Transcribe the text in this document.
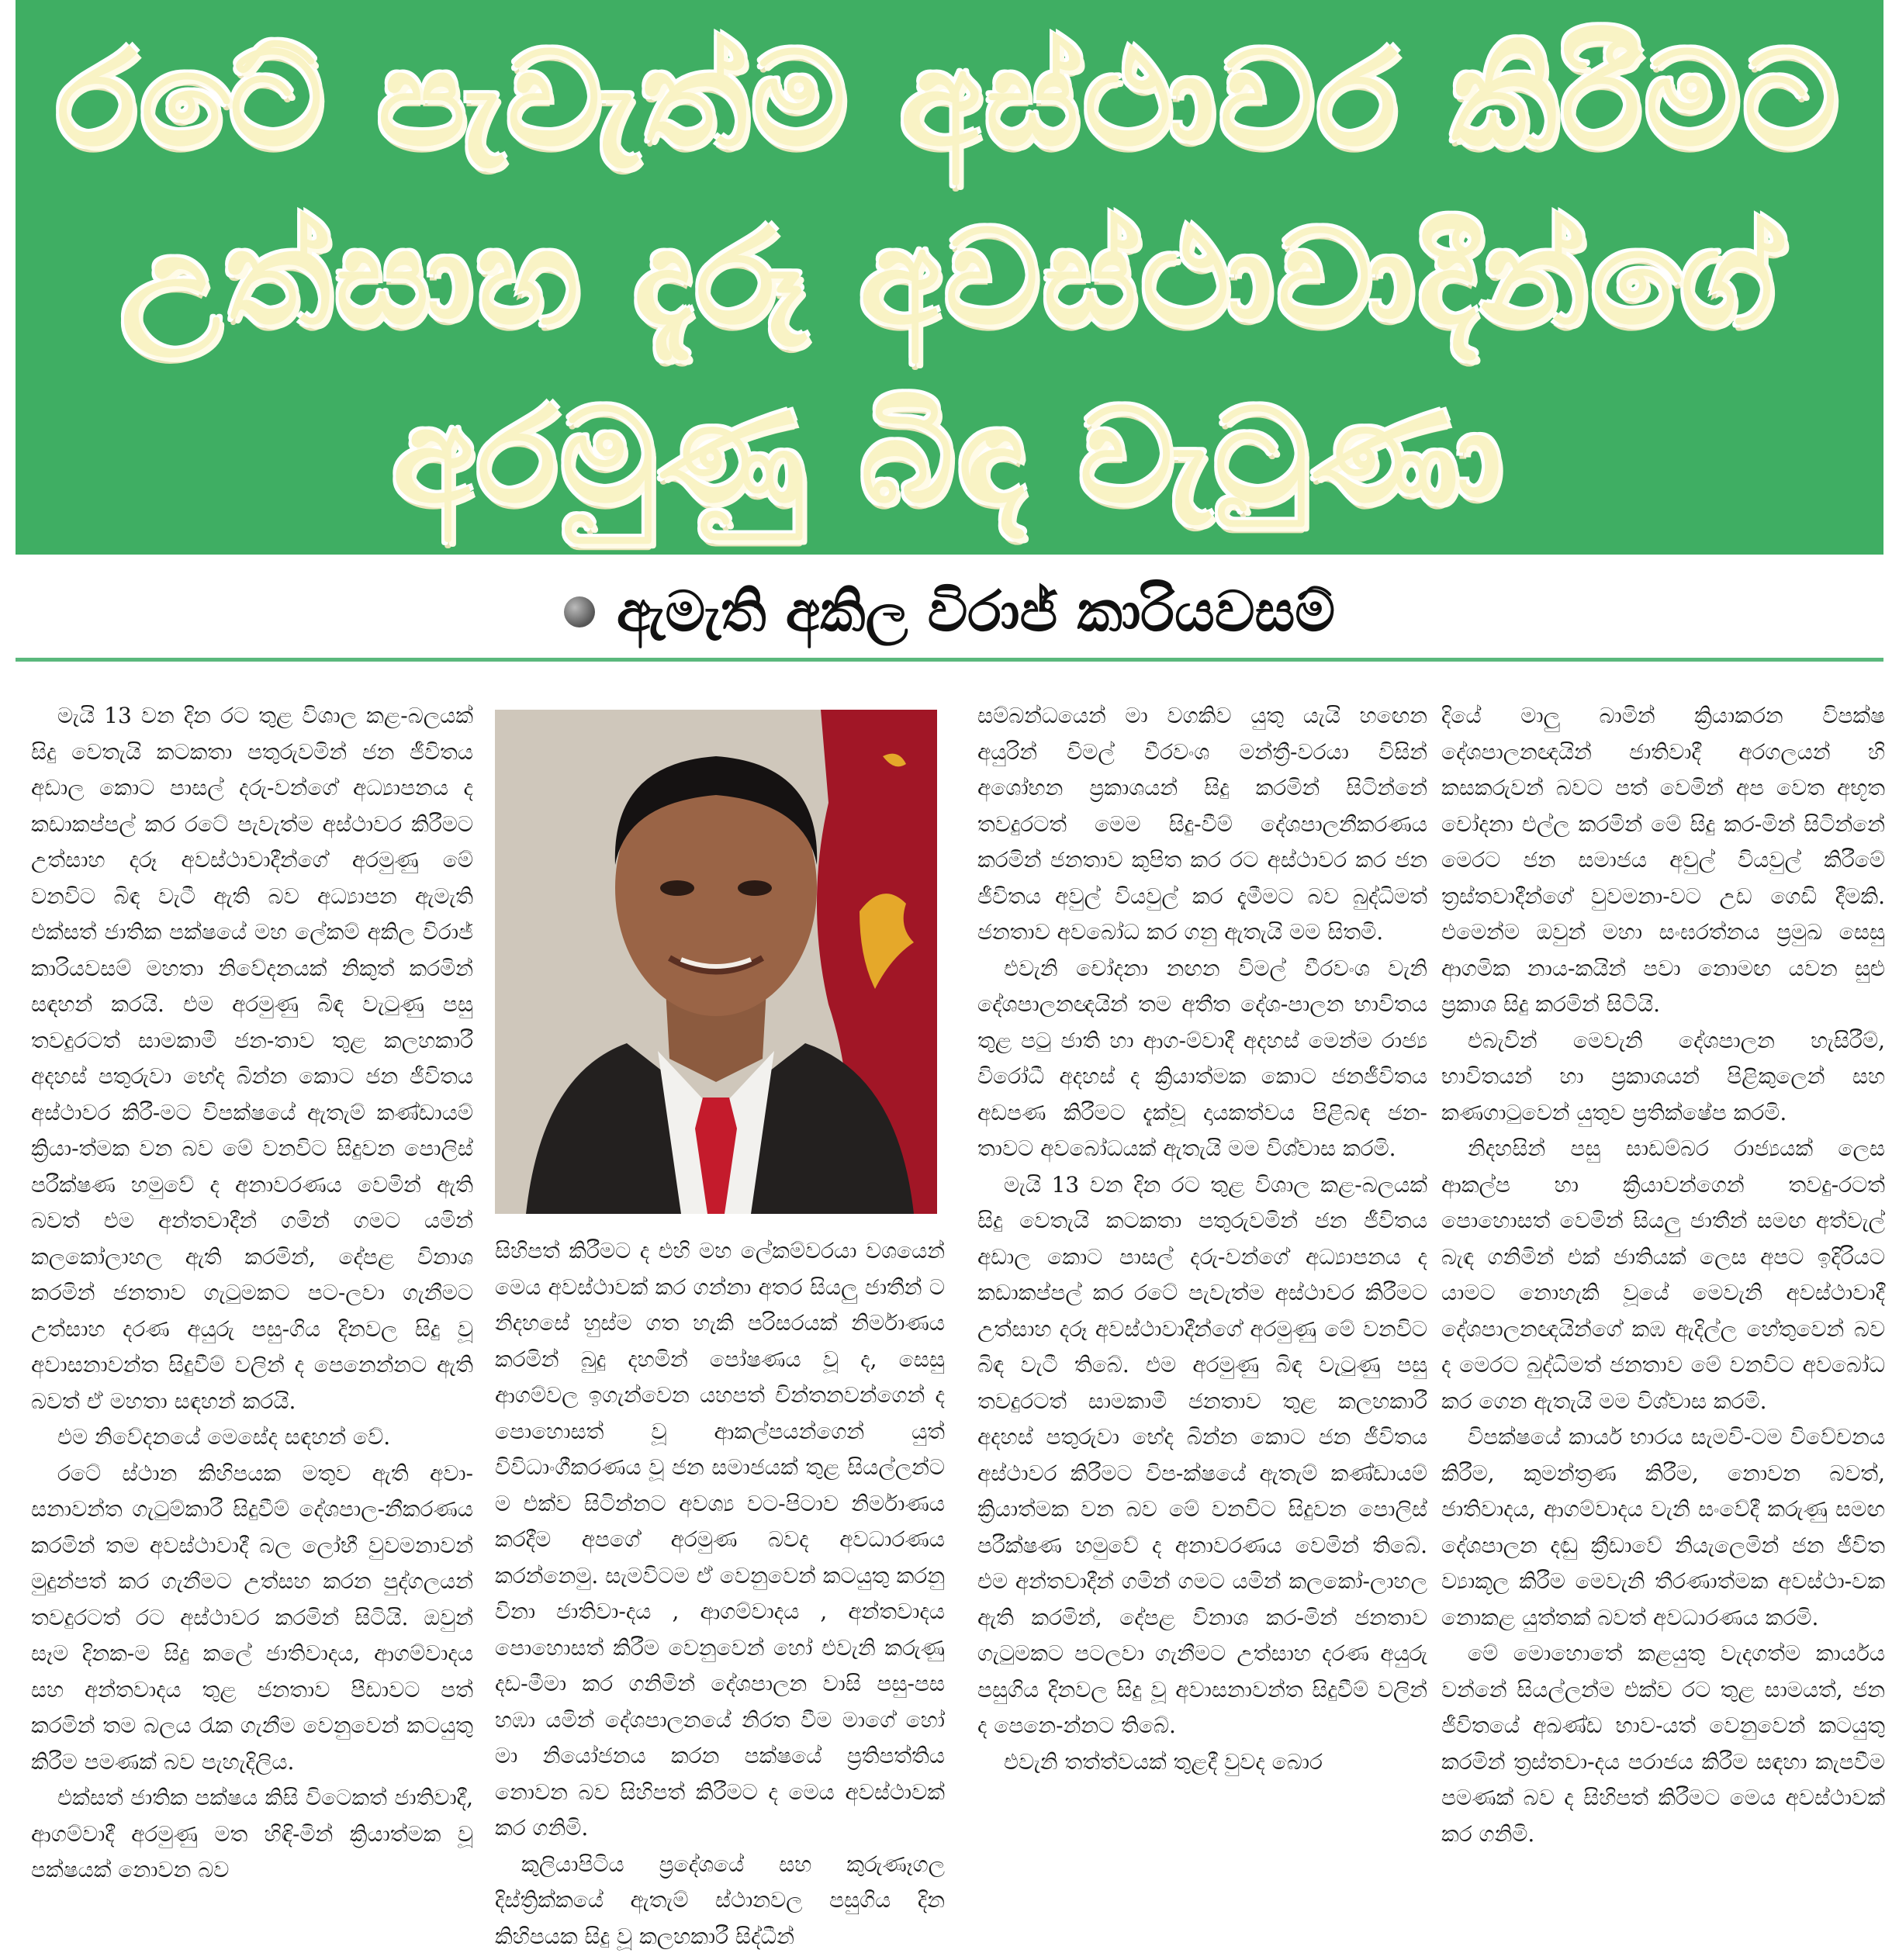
රටේ පැවැත්ම අස්ථාවර කිරීමට
උත්සාහ දැරූ අවස්ථාවාදීන්ගේ
අරමුණු බිඳ වැටුණා
ඇමැති අකිල විරාජ් කාරියවසම්

මැයි 13 වන දින රට තුළ විශාල කළ-බලයක් සිදු වෙතැයි කටකතා පතුරුවමින් ජන ජීවිතය අඩාල කොට පාසල් දරු-වන්ගේ අධ්‍යාපනය ද කඩාකප්පල් කර රටේ පැවැත්ම අස්ථාවර කිරීමට උත්සාහ දරූ අවස්ථාවාදීන්ගේ අරමුණු මේ වනවිට බිඳ වැටී ඇති බව අධ්‍යාපන ඇමැති එක්සත් ජාතික පක්ෂයේ මහ ලේකම් අකිල විරාජ් කාරියවසම් මහතා නිවේදනයක් නිකුත් කරමින් සඳහන් කරයි. එම අරමුණු බිඳ වැටුණු පසු තවදුරටත් සාමකාමී ජන-තාව තුළ කලහකාරී අදහස් පතුරුවා භේද බින්න කොට ජන ජීවිතය අස්ථාවර කිරී-මට විපක්ෂයේ ඇතැම් කණ්ඩායම් ක්‍රියා-ත්මක වන බව මේ වනවිට සිදුවන පොලිස් පරීක්ෂණ හමුවේ ද අනාවරණය වෙමින් ඇති බවත් එම අන්තවාදීන් ගමින් ගමට යමින් කලකෝලාහල ඇති කරමින්, දේපළ විනාශ කරමින් ජනතාව ගැටුමකට පට-ලවා ගැනීමට උත්සාහ දරණ අයුරු පසු-ගිය දිනවල සිදු වූ අවාසනාවන්ත සිදුවීම් වලින් ද පෙනෙන්නට ඇති බවත් ඒ මහතා සඳහන් කරයි.

එම නිවේදනයේ මෙසේද සඳහන් වේ.

රටේ ස්ථාන කිහිපයක මතුව ඇති අවා-සනාවන්ත ගැටුම්කාරී සිදුවීම් දේශපාල-නීකරණය කරමින් තම අවස්ථාවාදී බල ලෝභී වුවමනාවන් මුදුන්පත් කර ගැනීමට උත්සහ කරන පුද්ගලයන් තවදුරටත් රට අස්ථාවර කරමින් සිටියි. ඔවුන් සෑම දිනක-ම සිදු කලේ ජාතිවාදය, ආගම්වාදය සහ අන්තවාදය තුළ ජනතාව පීඩාවට පත් කරමින් තම බලය රැක ගැනීම වෙනුවෙන් කටයුතු කිරීම පමණක් බව පැහැදිලිය.

එක්සත් ජාතික පක්ෂය කිසි විටෙකත් ජාතිවාදී, ආගම්වාදී අරමුණු මත හිඳි-මින් ක්‍රියාත්මක වූ පක්ෂයක් නොවන බව

සිහිපත් කිරීමට ද එහි මහ ලේකම්වරයා වශයෙන් මෙය අවස්ථාවක් කර ගන්නා අතර සියලු ජාතීන් ට නිදහසේ හුස්ම ගත හැකි පරිසරයක් නිර්මාණය කරමින් බුදු දහමින් පෝෂණය වූ ද, සෙසු ආගම්වල ඉගැන්වෙන යහපත් චින්තනවන්ගෙන් ද පොහොසත් වූ ආකල්පයන්ගෙන් යුත් විවිධාංගීකරණය වූ ජන සමාජයක් තුළ සියල්ලන්ට ම එක්ව සිටින්නට අවශ්‍ය වට-පිටාව නිර්මාණය කරදීම අපගේ අරමුණ බවද අවධාරණය කරන්නෙමු. සැමවිටම ඒ වෙනුවෙන් කටයුතු කරනු විනා ජාතිවා-දය , ආගම්වාදය , අන්තවාදය පොහොසත් කිරීම වෙනුවෙන් හෝ එවැනි කරුණු දඩ-මීමා කර ගනිමින් දේශපාලන වාසි පසු-පස හඹා යමින් දේශපාලනයේ නිරත වීම මාගේ හෝ මා නියෝජනය කරන පක්ෂයේ ප්‍රතිපත්තිය නොවන බව සිහිපත් කිරීමට ද මෙය අවස්ථාවක් කර ගනිමි.

කුලියාපිටිය ප්‍රදේශයේ සහ කුරුණෑගල දිස්ත්‍රික්කයේ ඇතැම් ස්ථානවල පසුගිය දින කිහිපයක සිදු වූ කලහකාරී සිද්ධීන්

සම්බන්ධයෙන් මා වගකිව යුතු යැයි හඟෙන අයුරින් විමල් වීරවංශ මන්ත්‍රී-වරයා විසින් අශෝභන ප්‍රකාශයන් සිදු කරමින් සිටින්නේ තවදුරටත් මෙම සිදු-වීම් දේශපාලනීකරණය කරමින් ජනතාව කුපිත කර රට අස්ථාවර කර ජන ජීවිතය අවුල් වියවුල් කර දැමීමට බව බුද්ධිමත් ජනතාව අවබෝධ කර ගනු ඇතැයි මම සිතමි.

එවැනි චෝදනා නඟන විමල් වීරවංශ වැනි දේශපාලනඥයින් තම අතීත දේශ-පාලන භාවිතය තුළ පටු ජාති හා ආග-ම්වාදී අදහස් මෙන්ම රාජ්‍ය විරෝධී අදහස් ද ක්‍රියාත්මක කොට ජනජීවිතය අඩපණ කිරීමට දැක්වූ දායකත්වය පිළිබඳ ජන-තාවට අවබෝධයක් ඇතැයි මම විශ්වාස කරමි.

මැයි 13 වන දින රට තුළ විශාල කළ-බලයක් සිදු වෙතැයි කටකතා පතුරුවමින් ජන ජීවිතය අඩාල කොට පාසල් දරු-වන්ගේ අධ්‍යාපනය ද කඩාකප්පල් කර රටේ පැවැත්ම අස්ථාවර කිරීමට උත්සාහ දරූ අවස්ථාවාදීන්ගේ අරමුණු මේ වනවිට බිඳ වැටී තිබේ. එම අරමුණු බිඳ වැටුණු පසු තවදුරටත් සාමකාමී ජනතාව තුළ කලහකාරී අදහස් පතුරුවා භේද බින්න කොට ජන ජීවිතය අස්ථාවර කිරීමට විප-ක්ෂයේ ඇතැම් කණ්ඩායම් ක්‍රියාත්මක වන බව මේ වනවිට සිදුවන පොලිස් පරීක්ෂණ හමුවේ ද අනාවරණය වෙමින් තිබේ. එම අන්තවාදීන් ගමින් ගමට යමින් කලකෝ-ලාහල ඇති කරමින්, දේපළ විනාශ කර-මින් ජනතාව ගැටුමකට පටලවා ගැනීමට උත්සාහ දරණ අයුරු පසුගිය දිනවල සිදු වූ අවාසනාවන්ත සිදුවීම් වලින් ද පෙනෙ-න්නට තිබේ.

එවැනි තත්ත්වයක් තුළදී වුවද බොර

දියේ මාලු බාමින් ක්‍රියාකරන විපක්ෂ දේශපාලනඥයින් ජාතිවාදී අරගලයන් හි කසකරුවන් බවට පත් වෙමින් අප වෙත අභූත චෝදනා එල්ල කරමින් මේ සිදු කර-මින් සිටින්නේ මෙරට ජන සමාජය අවුල් වියවුල් කිරීමේ ත්‍රස්තවාදීන්ගේ වුවමනා-වට උඩ ගෙඩි දීමකි. එමෙන්ම ඔවුන් මහා සංඝරත්නය ප්‍රමුඛ සෙසු ආගමික නාය-කයින් පවා නොමඟ යවන සුළු ප්‍රකාශ සිදු කරමින් සිටියි.

එබැවින් මෙවැනි දේශපාලන හැසිරීම්, භාවිතයන් හා ප්‍රකාශයන් පිළිකුලෙන් සහ කණගාටුවෙන් යුතුව ප්‍රතික්ෂේප කරමි.

නිදහසින් පසු සාඩම්බර රාජ්‍යයක් ලෙස ආකල්ප හා ක්‍රියාවන්ගෙන් තවදු-රටත් පොහොසත් වෙමින් සියලු ජාතීන් සමඟ අත්වැල් බැඳ ගනිමින් එක් ජාතියක් ලෙස අපට ඉදිරියට යාමට නොහැකි වූයේ මෙවැනි අවස්ථාවාදී දේශපාලනඥයින්ගේ කඹ ඇදිල්ල හේතුවෙන් බව ද මෙරට බුද්ධිමත් ජනතාව මේ වනවිට අවබෝධ කර ගෙන ඇතැයි මම විශ්වාස කරමි.

විපක්ෂයේ කාර්ය භාරය සැමවි-ටම විවේචනය කිරීම, කුමන්ත්‍රණ කිරීම, නොවන බවත්, ජාතිවාදය, ආගම්වාදය වැනි සංවේදී කරුණු සමඟ දේශපාලන දඬු ක්‍රීඩාවේ නියැලෙමින් ජන ජීවිත ව්‍යාකූල කිරීම මෙවැනි තීරණාත්මක අවස්ථා-වක නොකළ යුත්තක් බවත් අවධාරණය කරමි.

මේ මොහොතේ කළයුතු වැදගත්ම කාර්යය වන්නේ සියල්ලන්ම එක්ව රට තුළ සාමයත්, ජන ජීවිතයේ අඛණ්ඩ භාව-යත් වෙනුවෙන් කටයුතු කරමින් ත්‍රස්තවා-දය පරාජය කිරීම සඳහා කැපවීම පමණක් බව ද සිහිපත් කිරීමට මෙය අවස්ථාවක් කර ගනිමි.
